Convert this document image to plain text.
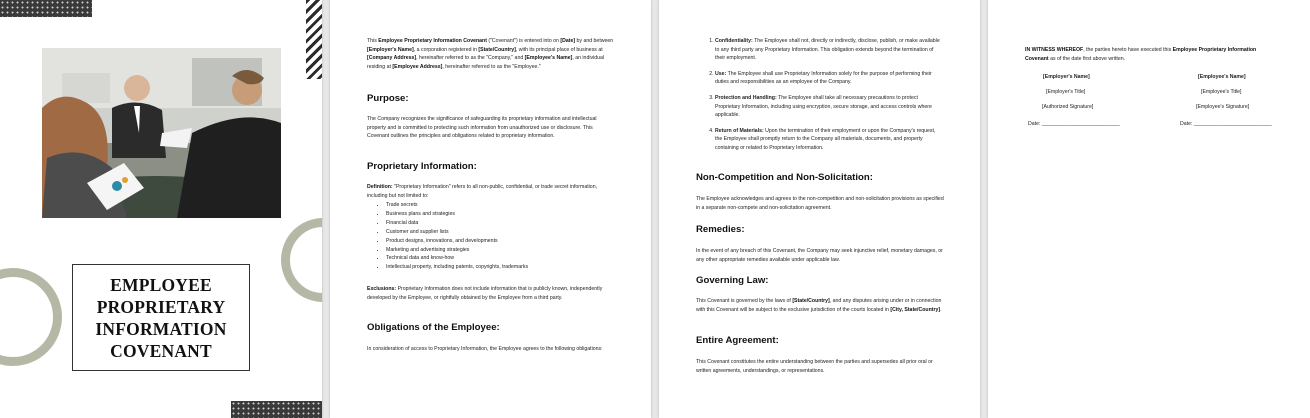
EMPLOYEE
PROPRIETARY
INFORMATION
COVENANT
This Employee Proprietary Information Covenant ("Covenant") is entered into on [Date] by and between [Employer's Name], a corporation registered in [State/Country], with its principal place of business at [Company Address], hereinafter referred to as the "Company," and [Employee's Name], an individual residing at [Employee Address], hereinafter referred to as the "Employee."
Purpose:
The Company recognizes the significance of safeguarding its proprietary information and intellectual property and is committed to protecting such information from unauthorized use or disclosure. This Covenant outlines the principles and obligations related to proprietary information.
Proprietary Information:
Definition: "Proprietary Information" refers to all non-public, confidential, or trade secret information, including but not limited to:
• Trade secrets
• Business plans and strategies
• Financial data
• Customer and supplier lists
• Product designs, innovations, and developments
• Marketing and advertising strategies
• Technical data and know-how
• Intellectual property, including patents, copyrights, trademarks
Exclusions: Proprietary Information does not include information that is publicly known, independently developed by the Employee, or rightfully obtained by the Employee from a third party.
Obligations of the Employee:
In consideration of access to Proprietary Information, the Employee agrees to the following obligations:
1. Confidentiality: The Employee shall not, directly or indirectly, disclose, publish, or make available to any third party any Proprietary Information. This obligation extends beyond the termination of their employment.
2. Use: The Employee shall use Proprietary Information solely for the purpose of performing their duties and responsibilities as an employee of the Company.
3. Protection and Handling: The Employee shall take all necessary precautions to protect Proprietary Information, including using encryption, secure storage, and access controls where applicable.
4. Return of Materials: Upon the termination of their employment or upon the Company's request, the Employee shall promptly return to the Company all materials, documents, and property containing or related to Proprietary Information.
Non-Competition and Non-Solicitation:
The Employee acknowledges and agrees to the non-competition and non-solicitation provisions as specified in a separate non-compete and non-solicitation agreement.
Remedies:
In the event of any breach of this Covenant, the Company may seek injunctive relief, monetary damages, or any other appropriate remedies available under applicable law.
Governing Law:
This Covenant is governed by the laws of [State/Country], and any disputes arising under or in connection with this Covenant will be subject to the exclusive jurisdiction of the courts located in [City, State/Country].
Entire Agreement:
This Covenant constitutes the entire understanding between the parties and supersedes all prior oral or written agreements, understandings, or representations.
IN WITNESS WHEREOF, the parties hereto have executed this Employee Proprietary Information Covenant as of the date first above written.
[Employer's Name]
[Employer's Title]
[Authorized Signature]
Date: ___________________________
[Employee's Name]
[Employee's Title]
[Employee's Signature]
Date: ___________________________
